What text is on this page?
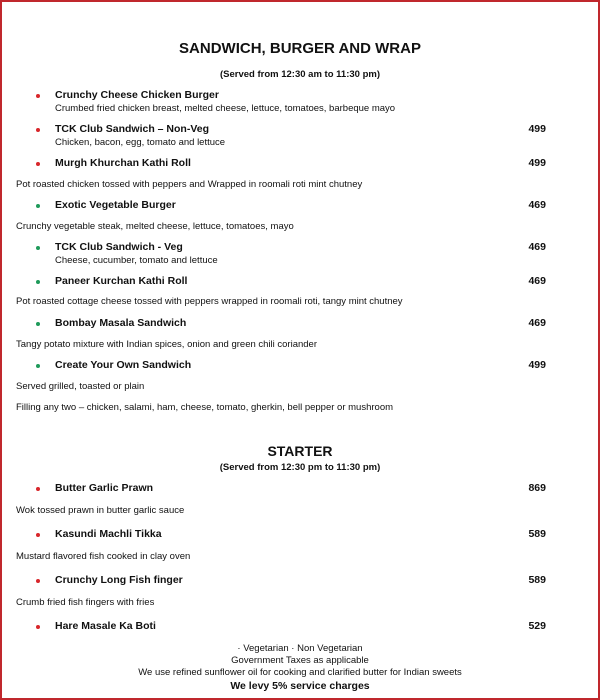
SANDWICH, BURGER AND WRAP
(Served from 12:30 am to 11:30 pm)
Crunchy Cheese Chicken Burger
Crumbed fried chicken breast, melted cheese, lettuce, tomatoes, barbeque mayo
TCK Club Sandwich – Non-Veg	499
Chicken, bacon, egg, tomato and lettuce
Murgh Khurchan Kathi Roll	499
Pot roasted chicken tossed with peppers and Wrapped in roomali roti mint chutney
Exotic Vegetable Burger	469
Crunchy vegetable steak, melted cheese, lettuce, tomatoes, mayo
TCK Club Sandwich - Veg	469
Cheese, cucumber, tomato and lettuce
Paneer Kurchan Kathi Roll	469
Pot roasted cottage cheese tossed with peppers wrapped in roomali roti, tangy mint chutney
Bombay Masala Sandwich	469
Tangy potato mixture with Indian spices, onion and green chili coriander
Create Your Own Sandwich	499
Served grilled, toasted or plain
Filling any two – chicken, salami, ham, cheese, tomato, gherkin, bell pepper or mushroom
STARTER
(Served from 12:30 pm to 11:30 pm)
Butter Garlic Prawn	869
Wok tossed prawn in butter garlic sauce
Kasundi Machli Tikka	589
Mustard flavored fish cooked in clay oven
Crunchy Long Fish finger	589
Crumb fried fish fingers with fries
Hare Masale Ka Boti	529
· Vegetarian · Non Vegetarian
Government Taxes as applicable
We use refined sunflower oil for cooking and clarified butter for Indian sweets
We levy 5% service charges
